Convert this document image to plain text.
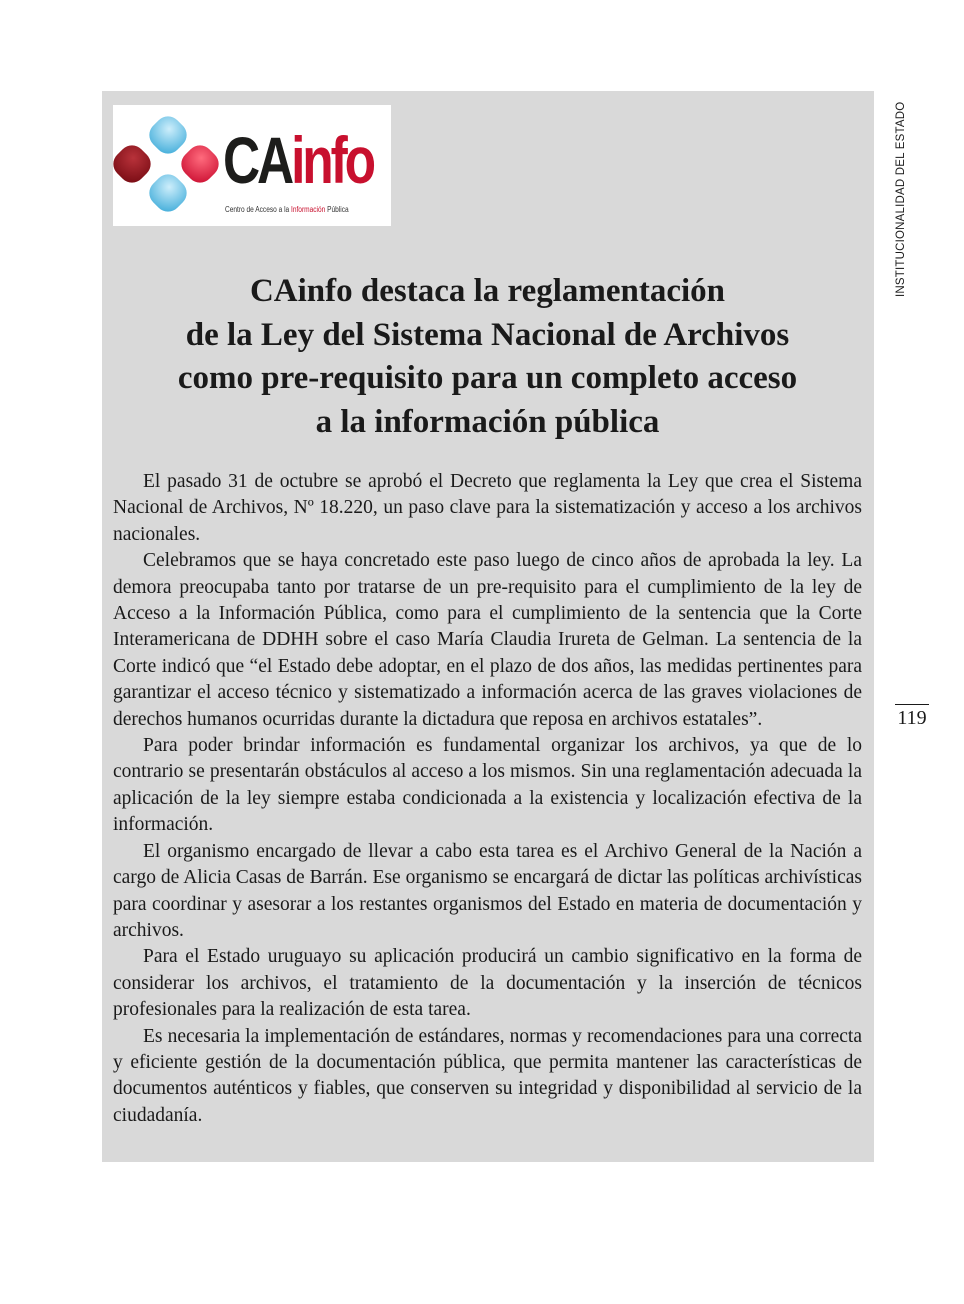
CAinfo
Centro de Acceso a la Información Pública
CAinfo destaca la reglamentación
de la Ley del Sistema Nacional de Archivos
como pre-requisito para un completo acceso
a la información pública

El pasado 31 de octubre se aprobó el Decreto que reglamenta la Ley que crea el Sistema Nacional de Archivos, Nº 18.220, un paso clave para la sistematización y acceso a los archivos nacionales.

Celebramos que se haya concretado este paso luego de cinco años de aprobada la ley. La demora preocupaba tanto por tratarse de un pre-requisito para el cumplimiento de la ley de Acceso a la Información Pública, como para el cumplimiento de la sentencia que la Corte Interamericana de DDHH sobre el caso María Claudia Irureta de Gelman. La sentencia de la Corte indicó que “el Estado debe adoptar, en el plazo de dos años, las medidas pertinentes para garantizar el acceso técnico y sistematizado a información acerca de las graves violaciones de derechos humanos ocurridas durante la dictadura que reposa en archivos estatales”.

Para poder brindar información es fundamental organizar los archivos, ya que de lo contrario se presentarán obstáculos al acceso a los mismos. Sin una reglamentación adecuada la aplicación de la ley siempre estaba condicionada a la existencia y localización efectiva de la información.

El organismo encargado de llevar a cabo esta tarea es el Archivo General de la Nación a cargo de Alicia Casas de Barrán. Ese organismo se encargará de dictar las políticas archivísticas para coordinar y asesorar a los restantes organismos del Estado en materia de documentación y archivos.

Para el Estado uruguayo su aplicación producirá un cambio significativo en la forma de considerar los archivos, el tratamiento de la documentación y la inserción de técnicos profesionales para la realización de esta tarea.

Es necesaria la implementación de estándares, normas y recomendaciones para una correcta y eficiente gestión de la documentación pública, que permita mantener las características de documentos auténticos y fiables, que conserven su integridad y disponibilidad al servicio de la ciudadanía.

INSTITUCIONALIDAD DEL ESTADO
119
